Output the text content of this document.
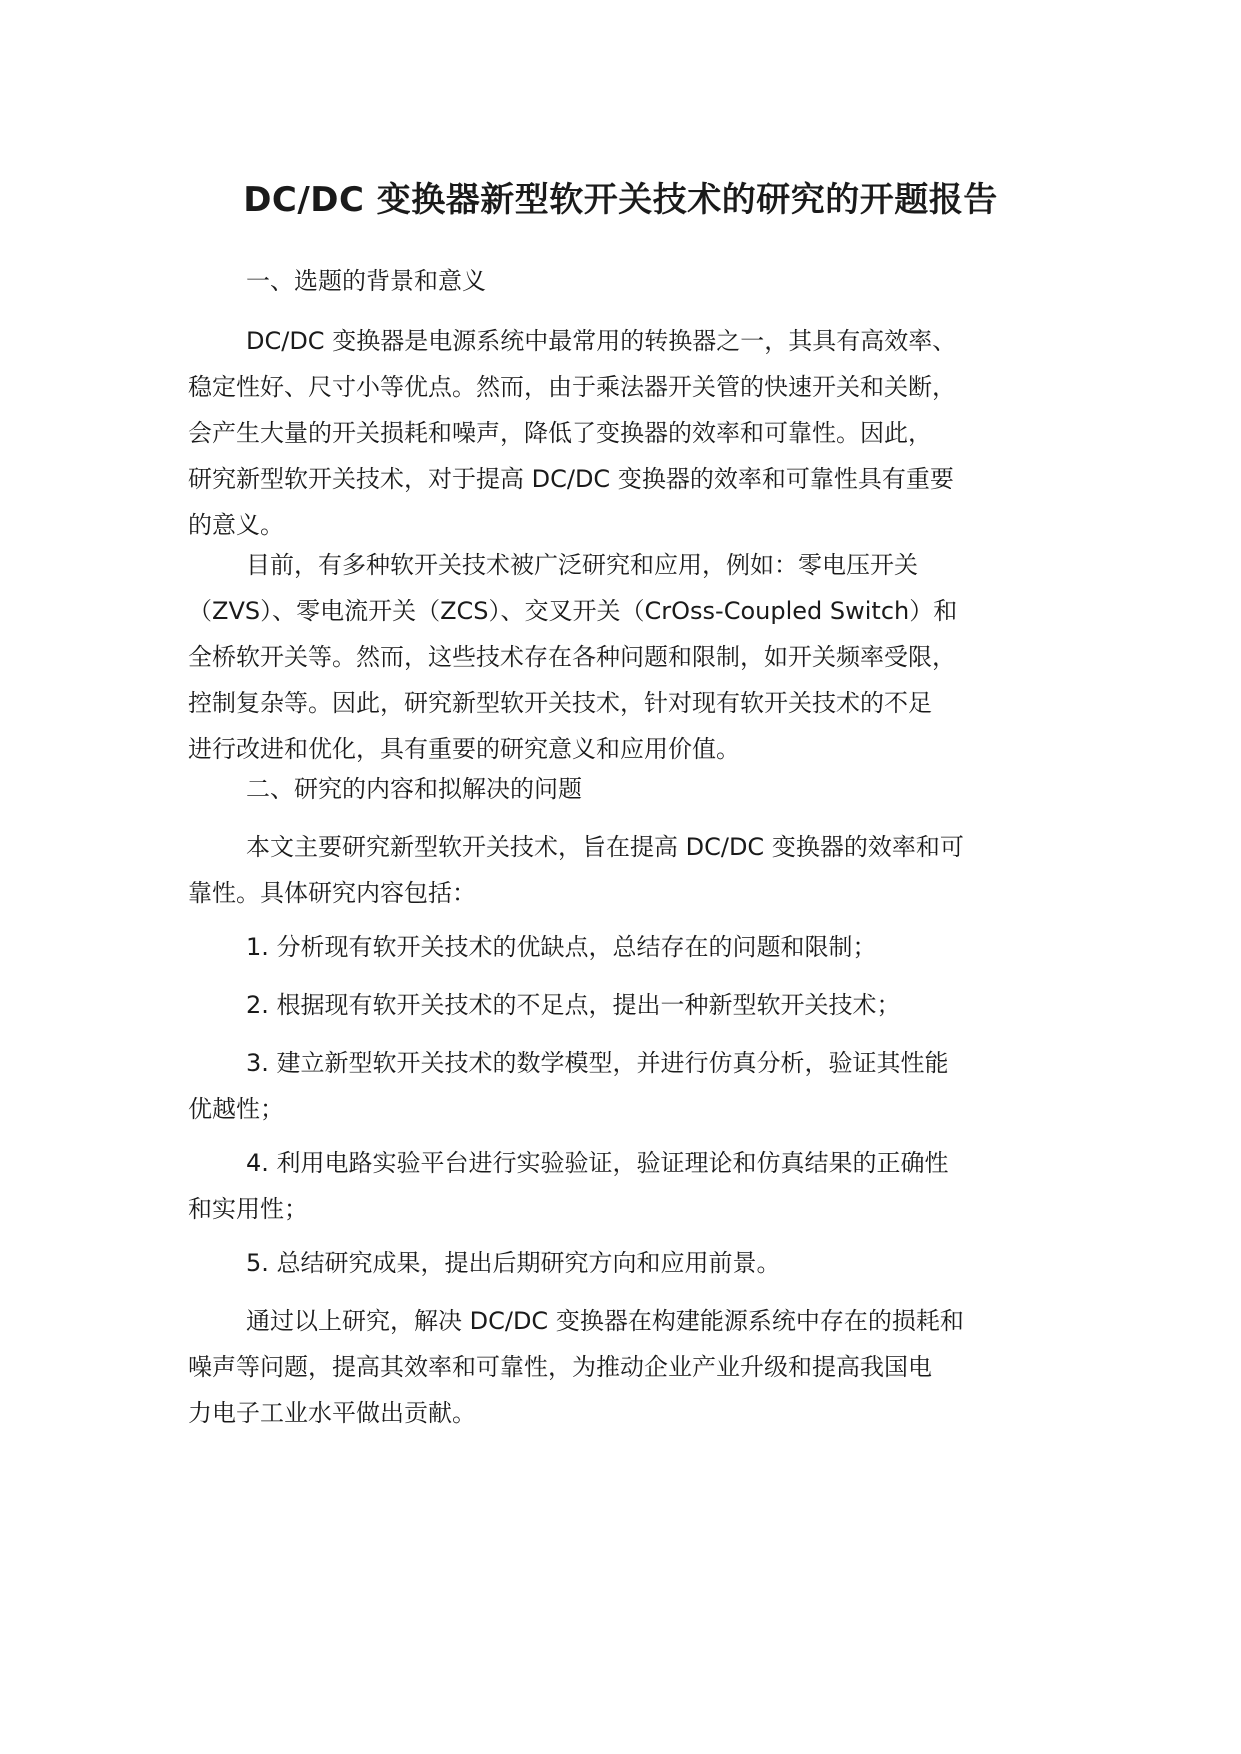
DC/DC 变换器新型软开关技术的研究的开题报告

一、选题的背景和意义

DC/DC 变换器是电源系统中最常用的转换器之一，其具有高效率、
稳定性好、尺寸小等优点。然而，由于乘法器开关管的快速开关和关断，
会产生大量的开关损耗和噪声，降低了变换器的效率和可靠性。因此，
研究新型软开关技术，对于提高 DC/DC 变换器的效率和可靠性具有重要
的意义。

目前，有多种软开关技术被广泛研究和应用，例如：零电压开关
（ZVS）、零电流开关（ZCS）、交叉开关（CrOss-Coupled Switch）和
全桥软开关等。然而，这些技术存在各种问题和限制，如开关频率受限，
控制复杂等。因此，研究新型软开关技术，针对现有软开关技术的不足
进行改进和优化，具有重要的研究意义和应用价值。

二、研究的内容和拟解决的问题

本文主要研究新型软开关技术，旨在提高 DC/DC 变换器的效率和可
靠性。具体研究内容包括：

1. 分析现有软开关技术的优缺点，总结存在的问题和限制；

2. 根据现有软开关技术的不足点，提出一种新型软开关技术；

3. 建立新型软开关技术的数学模型，并进行仿真分析，验证其性能
优越性；

4. 利用电路实验平台进行实验验证，验证理论和仿真结果的正确性
和实用性；

5. 总结研究成果，提出后期研究方向和应用前景。

通过以上研究，解决 DC/DC 变换器在构建能源系统中存在的损耗和
噪声等问题，提高其效率和可靠性，为推动企业产业升级和提高我国电
力电子工业水平做出贡献。
